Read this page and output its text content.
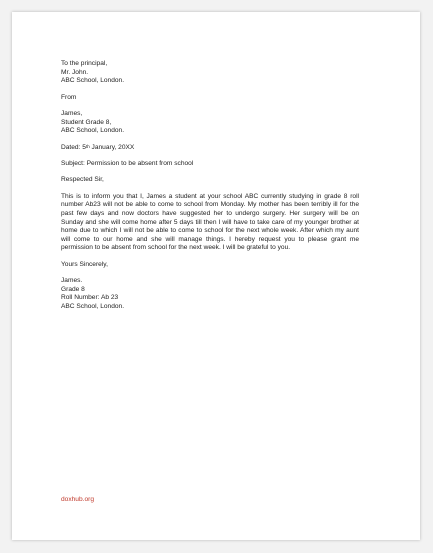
To the principal,
Mr. John.
ABC School, London.
From
James,
Student Grade 8,
ABC School, London.
Dated: 5th January, 20XX
Subject: Permission to be absent from school
Respected Sir,
This is to inform you that I, James a student at your school ABC currently studying in grade 8 roll number Ab23 will not be able to come to school from Monday. My mother has been terribly ill for the past few days and now doctors have suggested her to undergo surgery. Her surgery will be on Sunday and she will come home after 5 days till then I will have to take care of my younger brother at home due to which I will not be able to come to school for the next whole week. After which my aunt will come to our home and she will manage things. I hereby request you to please grant me permission to be absent from school for the next week. I will be grateful to you.
Yours Sincerely,
James.
Grade 8
Roll Number: Ab 23
ABC School, London.
doxhub.org
